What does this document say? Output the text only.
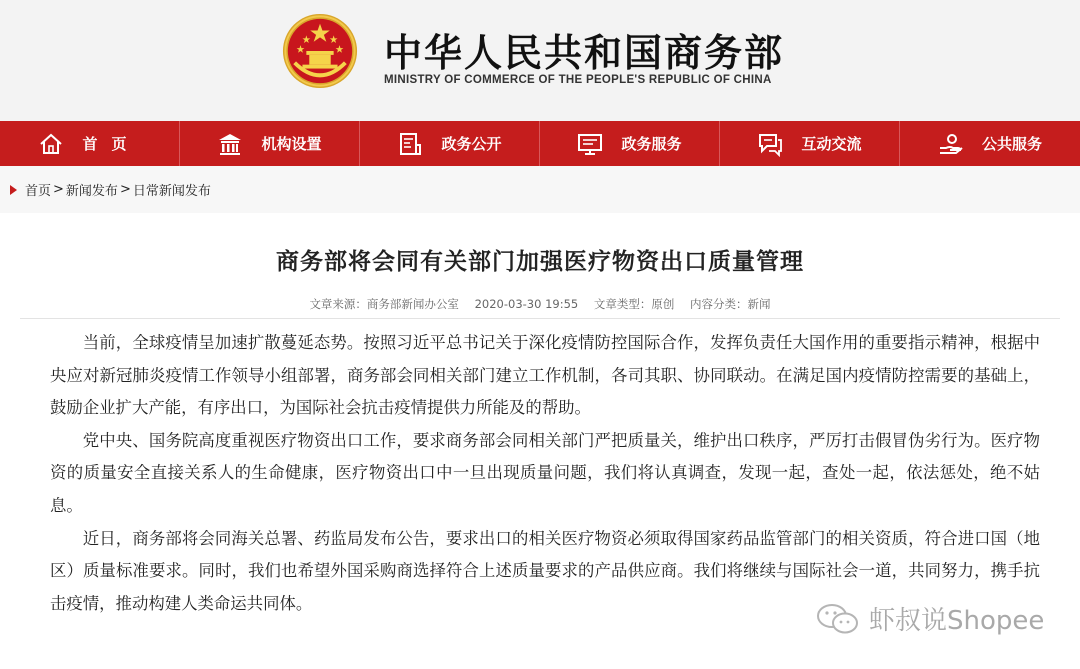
中华人民共和国商务部
MINISTRY OF COMMERCE OF THE PEOPLE'S REPUBLIC OF CHINA
首页	机构设置	政务公开	政务服务	互动交流	公共服务
首页 > 新闻发布 > 日常新闻发布
商务部将会同有关部门加强医疗物资出口质量管理
文章来源：商务部新闻办公室 2020-03-30 19:55 文章类型：原创 内容分类：新闻

当前，全球疫情呈加速扩散蔓延态势。按照习近平总书记关于深化疫情防控国际合作，发挥负责任大国作用的重要指示精神，根据中央应对新冠肺炎疫情工作领导小组部署，商务部会同相关部门建立工作机制，各司其职、协同联动。在满足国内疫情防控需要的基础上，鼓励企业扩大产能，有序出口，为国际社会抗击疫情提供力所能及的帮助。

党中央、国务院高度重视医疗物资出口工作，要求商务部会同相关部门严把质量关，维护出口秩序，严厉打击假冒伪劣行为。医疗物资的质量安全直接关系人的生命健康，医疗物资出口中一旦出现质量问题，我们将认真调查，发现一起，查处一起，依法惩处，绝不姑息。

近日，商务部将会同海关总署、药监局发布公告，要求出口的相关医疗物资必须取得国家药品监管部门的相关资质，符合进口国（地区）质量标准要求。同时，我们也希望外国采购商选择符合上述质量要求的产品供应商。我们将继续与国际社会一道，共同努力，携手抗击疫情，推动构建人类命运共同体。

虾叔说Shopee
